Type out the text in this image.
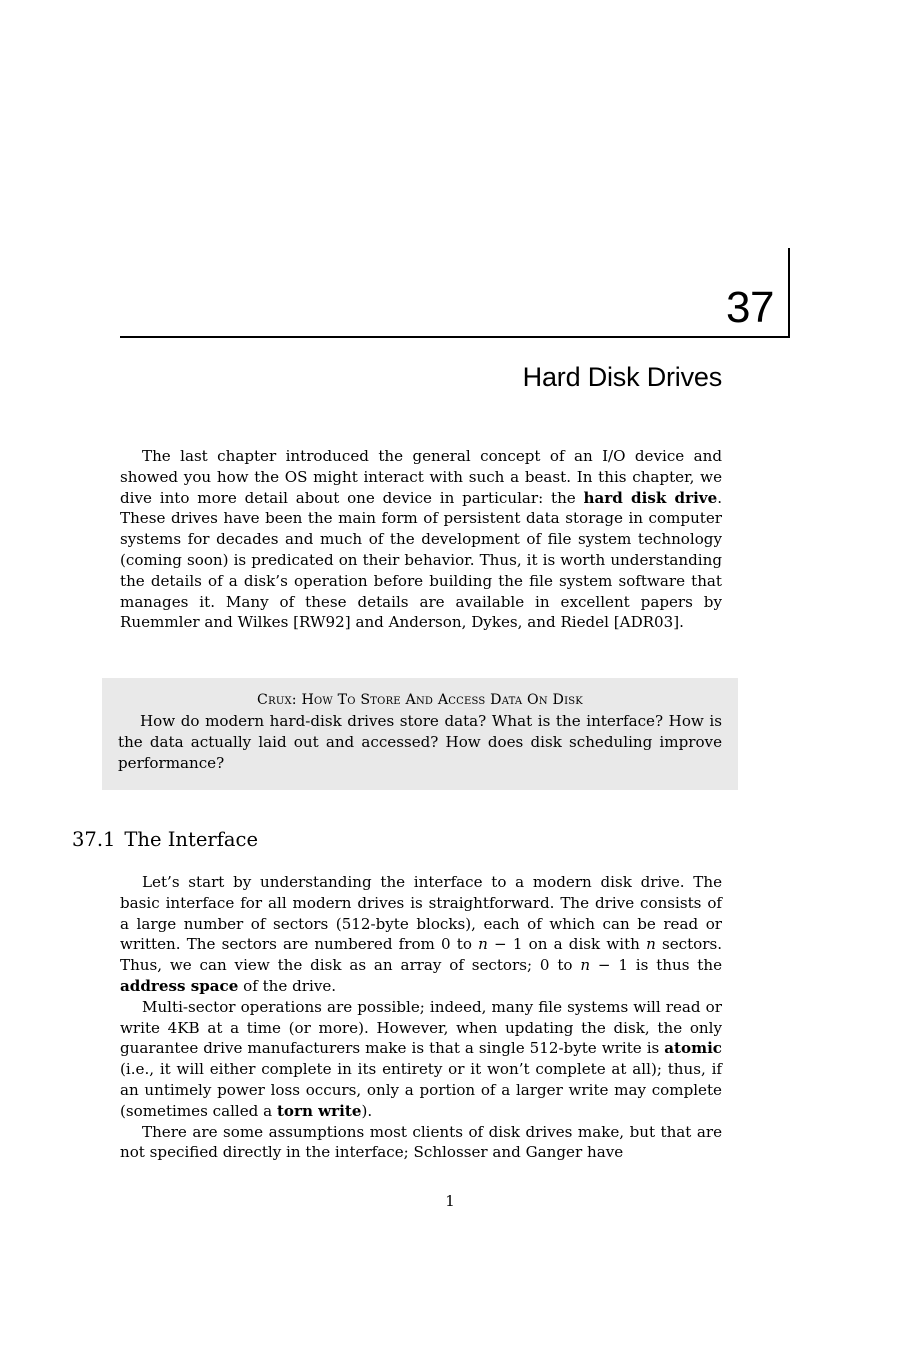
37
Hard Disk Drives

The last chapter introduced the general concept of an I/O device and showed you how the OS might interact with such a beast. In this chapter, we dive into more detail about one device in particular: the hard disk drive. These drives have been the main form of persistent data storage in computer systems for decades and much of the development of file system technology (coming soon) is predicated on their behavior. Thus, it is worth understanding the details of a disk’s operation before building the file system software that manages it. Many of these details are available in excellent papers by Ruemmler and Wilkes [RW92] and Anderson, Dykes, and Riedel [ADR03].

Crux: How To Store And Access Data On Disk

How do modern hard-disk drives store data? What is the interface? How is the data actually laid out and accessed? How does disk scheduling improve performance?

37.1 The Interface

Let’s start by understanding the interface to a modern disk drive. The basic interface for all modern drives is straightforward. The drive consists of a large number of sectors (512-byte blocks), each of which can be read or written. The sectors are numbered from 0 to n − 1 on a disk with n sectors. Thus, we can view the disk as an array of sectors; 0 to n − 1 is thus the address space of the drive.

Multi-sector operations are possible; indeed, many file systems will read or write 4KB at a time (or more). However, when updating the disk, the only guarantee drive manufacturers make is that a single 512-byte write is atomic (i.e., it will either complete in its entirety or it won’t complete at all); thus, if an untimely power loss occurs, only a portion of a larger write may complete (sometimes called a torn write).

There are some assumptions most clients of disk drives make, but that are not specified directly in the interface; Schlosser and Ganger have

1
